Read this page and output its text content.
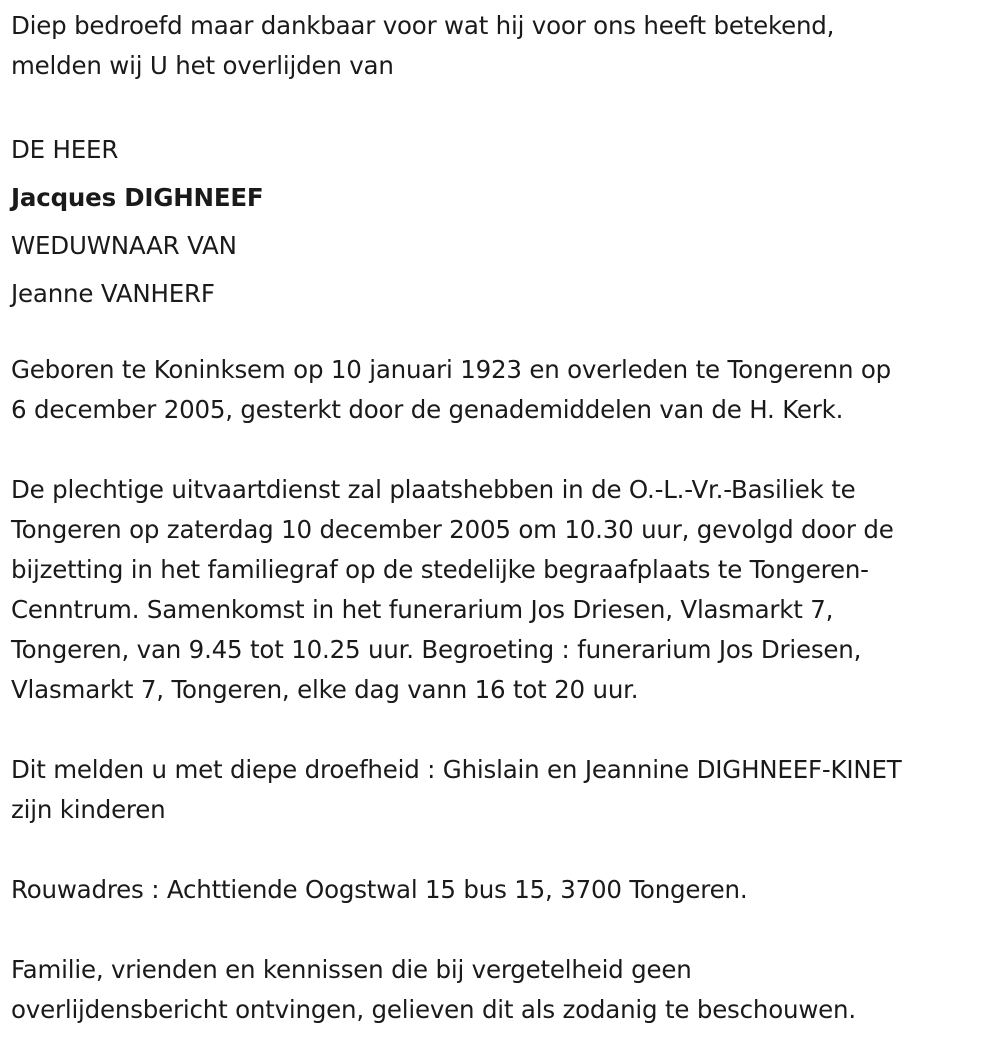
Diep bedroefd maar dankbaar voor wat hij voor ons heeft betekend,
melden wij U het overlijden van
DE HEER
Jacques DIGHNEEF
WEDUWNAAR VAN
Jeanne VANHERF
Geboren te Koninksem op 10 januari 1923 en overleden te Tongerenn op
6 december 2005, gesterkt door de genademiddelen van de H. Kerk.
De plechtige uitvaartdienst zal plaatshebben in de O.-L.-Vr.-Basiliek te
Tongeren op zaterdag 10 december 2005 om 10.30 uur, gevolgd door de
bijzetting in het familiegraf op de stedelijke begraafplaats te Tongeren-
Cenntrum. Samenkomst in het funerarium Jos Driesen, Vlasmarkt 7,
Tongeren, van 9.45 tot 10.25 uur. Begroeting : funerarium Jos Driesen,
Vlasmarkt 7, Tongeren, elke dag vann 16 tot 20 uur.
Dit melden u met diepe droefheid : Ghislain en Jeannine DIGHNEEF-KINET
zijn kinderen
Rouwadres : Achttiende Oogstwal 15 bus 15, 3700 Tongeren.
Familie, vrienden en kennissen die bij vergetelheid geen
overlijdensbericht ontvingen, gelieven dit als zodanig te beschouwen.
